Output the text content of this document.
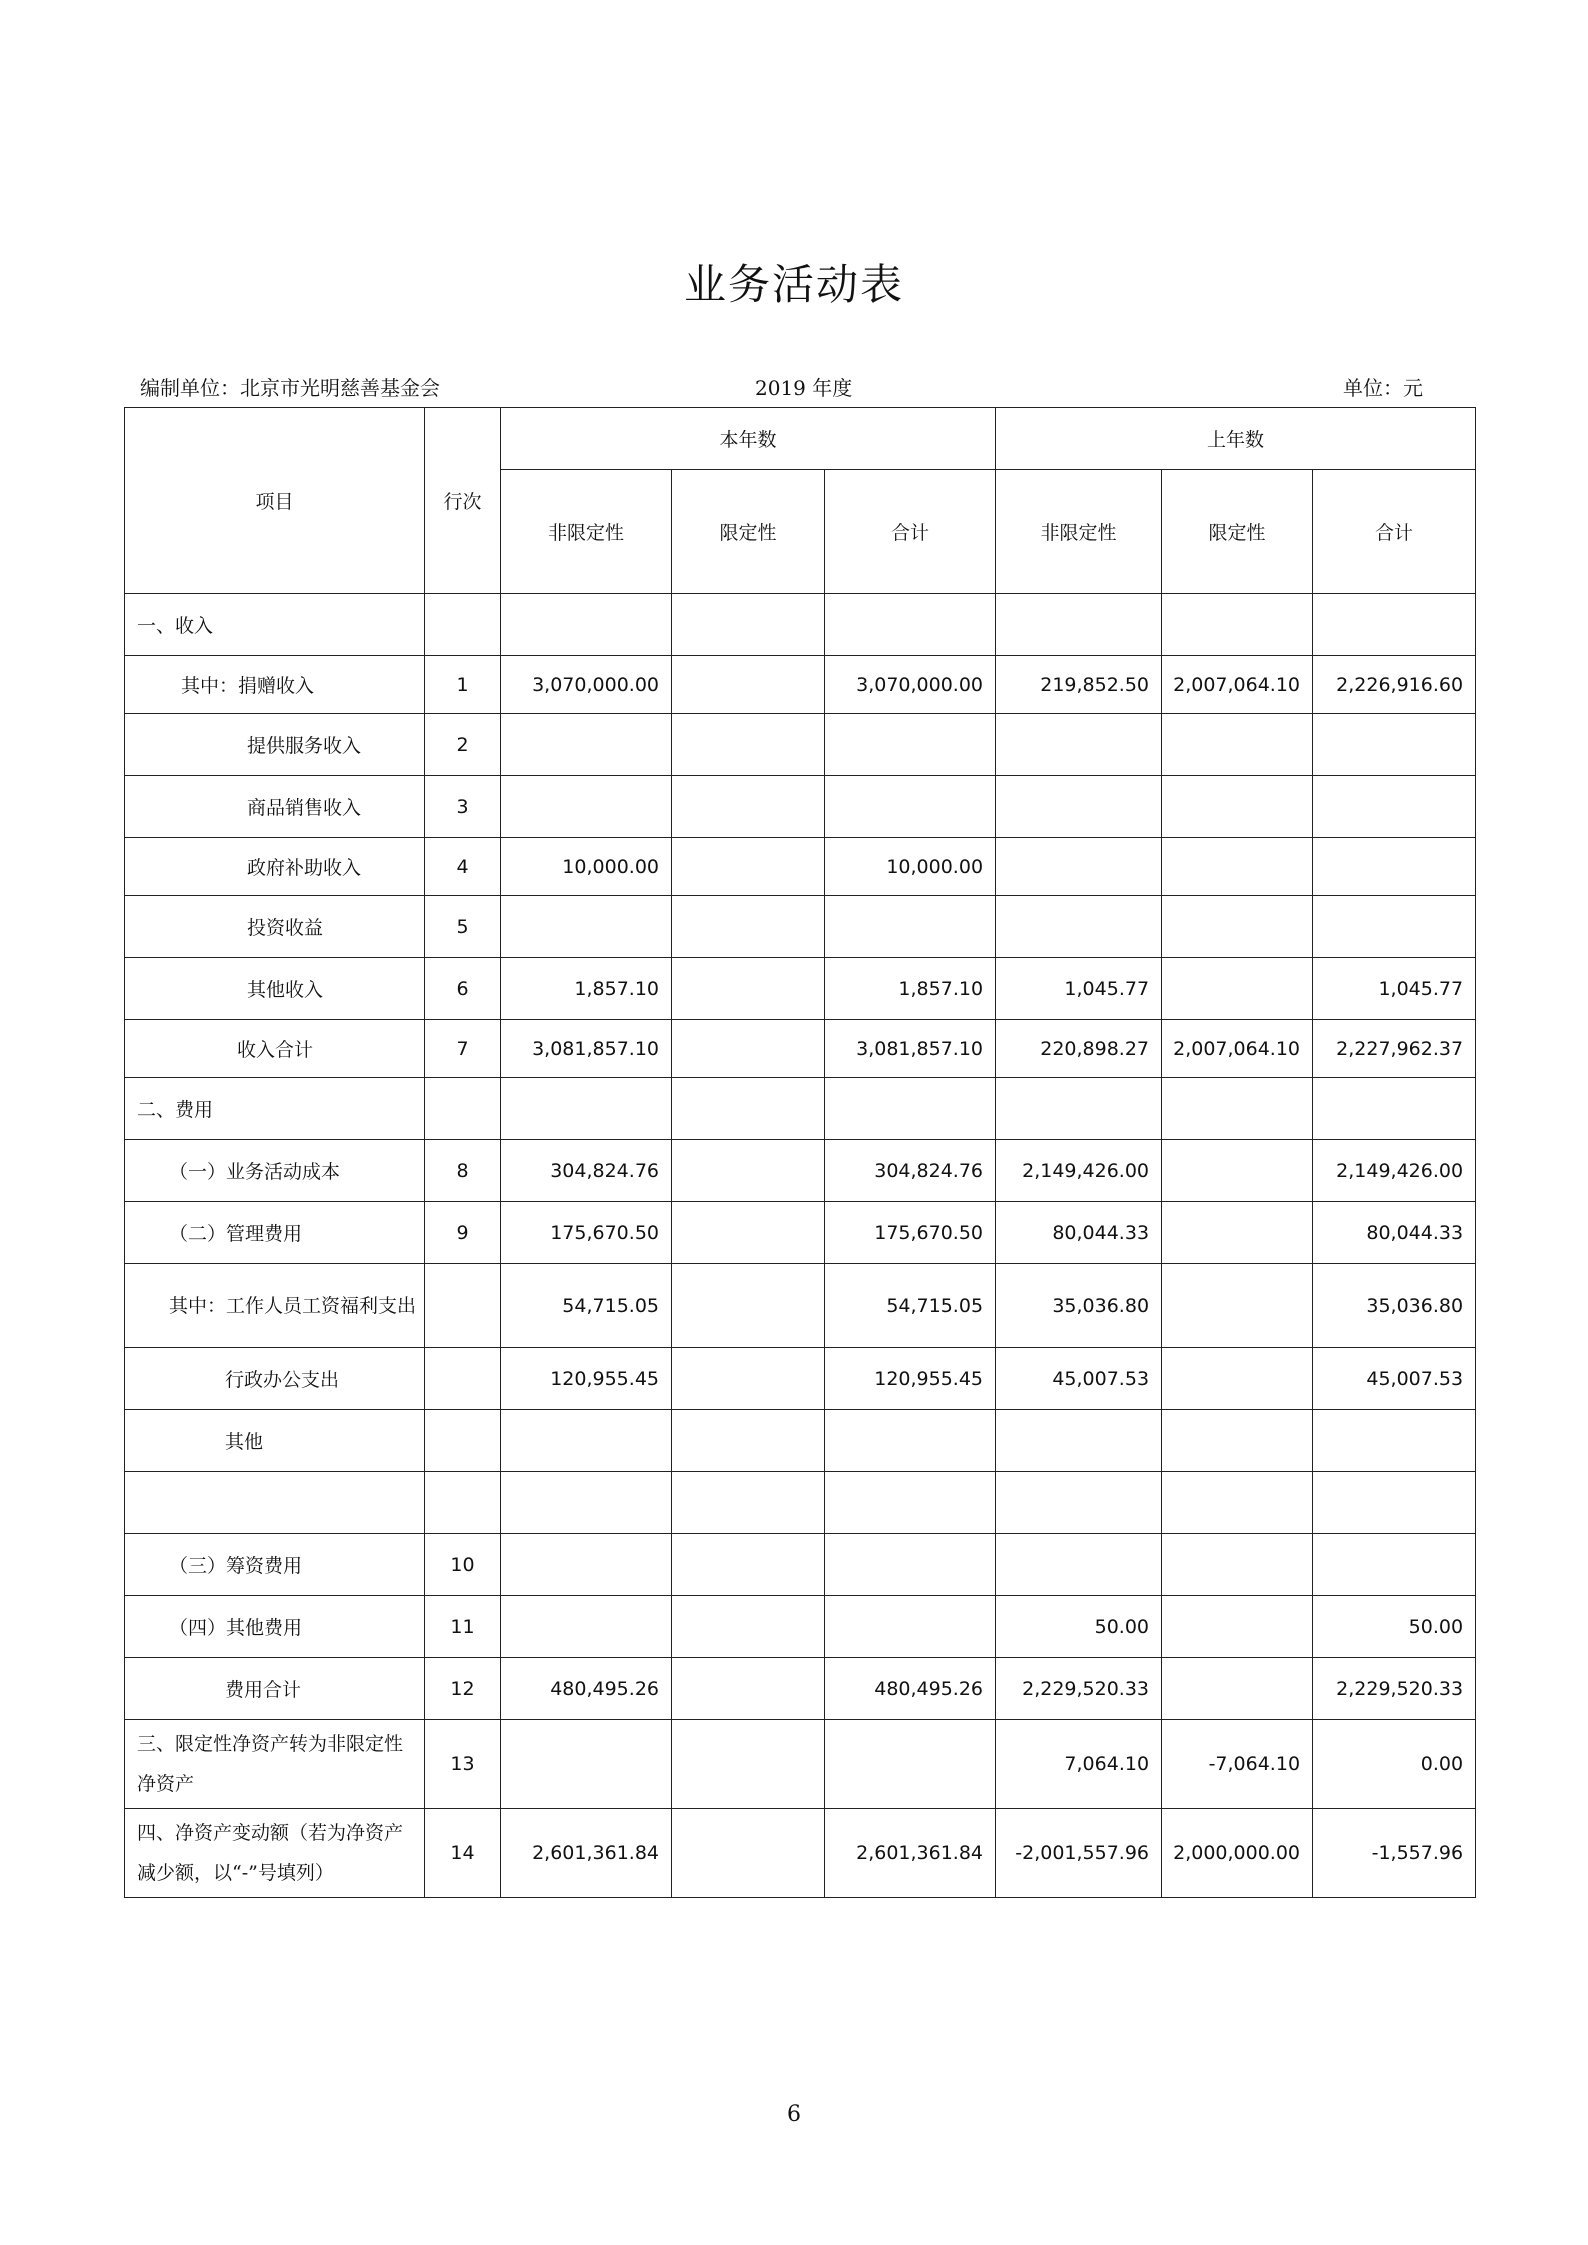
业务活动表
编制单位：北京市光明慈善基金会	2019 年度	单位：元
项目	行次	本年数			上年数		
		非限定性	限定性	合计	非限定性	限定性	合计
一、收入							
其中：捐赠收入	1	3,070,000.00		3,070,000.00	219,852.50	2,007,064.10	2,226,916.60
提供服务收入	2						
商品销售收入	3						
政府补助收入	4	10,000.00		10,000.00			
投资收益	5						
其他收入	6	1,857.10		1,857.10	1,045.77		1,045.77
收入合计	7	3,081,857.10		3,081,857.10	220,898.27	2,007,064.10	2,227,962.37
二、费用							
（一）业务活动成本	8	304,824.76		304,824.76	2,149,426.00		2,149,426.00
（二）管理费用	9	175,670.50		175,670.50	80,044.33		80,044.33
其中：工作人员工资福利支出		54,715.05		54,715.05	35,036.80		35,036.80
行政办公支出		120,955.45		120,955.45	45,007.53		45,007.53
其他							

（三）筹资费用	10						
（四）其他费用	11				50.00		50.00
费用合计	12	480,495.26		480,495.26	2,229,520.33		2,229,520.33
三、限定性净资产转为非限定性净资产	13				7,064.10	-7,064.10	0.00
四、净资产变动额（若为净资产减少额，以“-”号填列）	14	2,601,361.84		2,601,361.84	-2,001,557.96	2,000,000.00	-1,557.96
6
